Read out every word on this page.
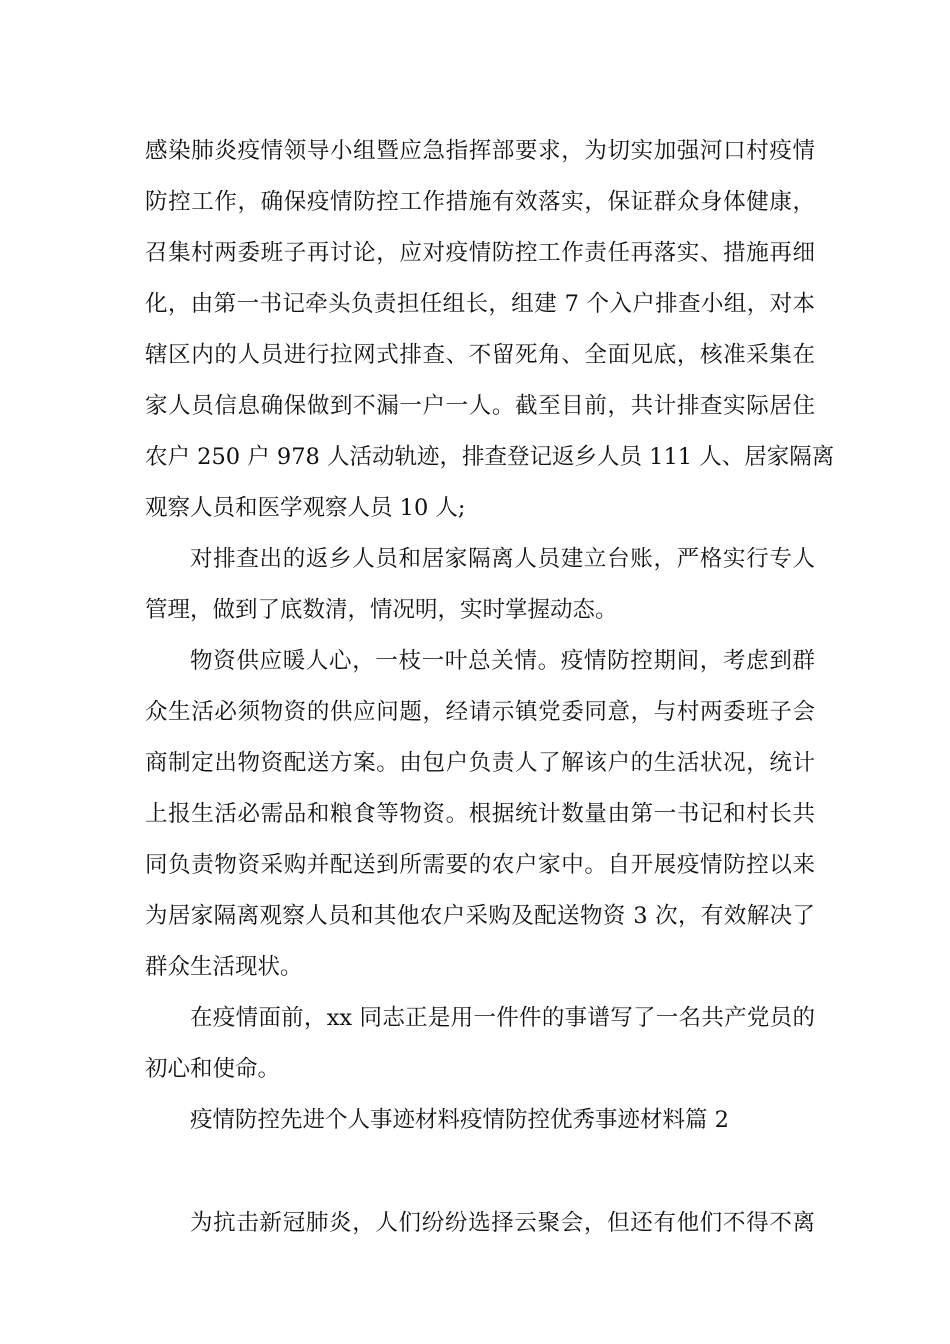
感染肺炎疫情领导小组暨应急指挥部要求，为切实加强河口村疫情
防控工作，确保疫情防控工作措施有效落实，保证群众身体健康，
召集村两委班子再讨论，应对疫情防控工作责任再落实、措施再细
化，由第一书记牵头负责担任组长，组建 7 个入户排查小组，对本
辖区内的人员进行拉网式排查、不留死角、全面见底，核准采集在
家人员信息确保做到不漏一户一人。截至目前，共计排查实际居住
农户 250 户 978 人活动轨迹，排查登记返乡人员 111 人、居家隔离
观察人员和医学观察人员 10 人;
对排查出的返乡人员和居家隔离人员建立台账，严格实行专人
管理，做到了底数清，情况明，实时掌握动态。
物资供应暖人心，一枝一叶总关情。疫情防控期间，考虑到群
众生活必须物资的供应问题，经请示镇党委同意，与村两委班子会
商制定出物资配送方案。由包户负责人了解该户的生活状况，统计
上报生活必需品和粮食等物资。根据统计数量由第一书记和村长共
同负责物资采购并配送到所需要的农户家中。自开展疫情防控以来
为居家隔离观察人员和其他农户采购及配送物资 3 次，有效解决了
群众生活现状。
在疫情面前，xx 同志正是用一件件的事谱写了一名共产党员的
初心和使命。
疫情防控先进个人事迹材料疫情防控优秀事迹材料篇 2
为抗击新冠肺炎，人们纷纷选择云聚会，但还有他们不得不离
